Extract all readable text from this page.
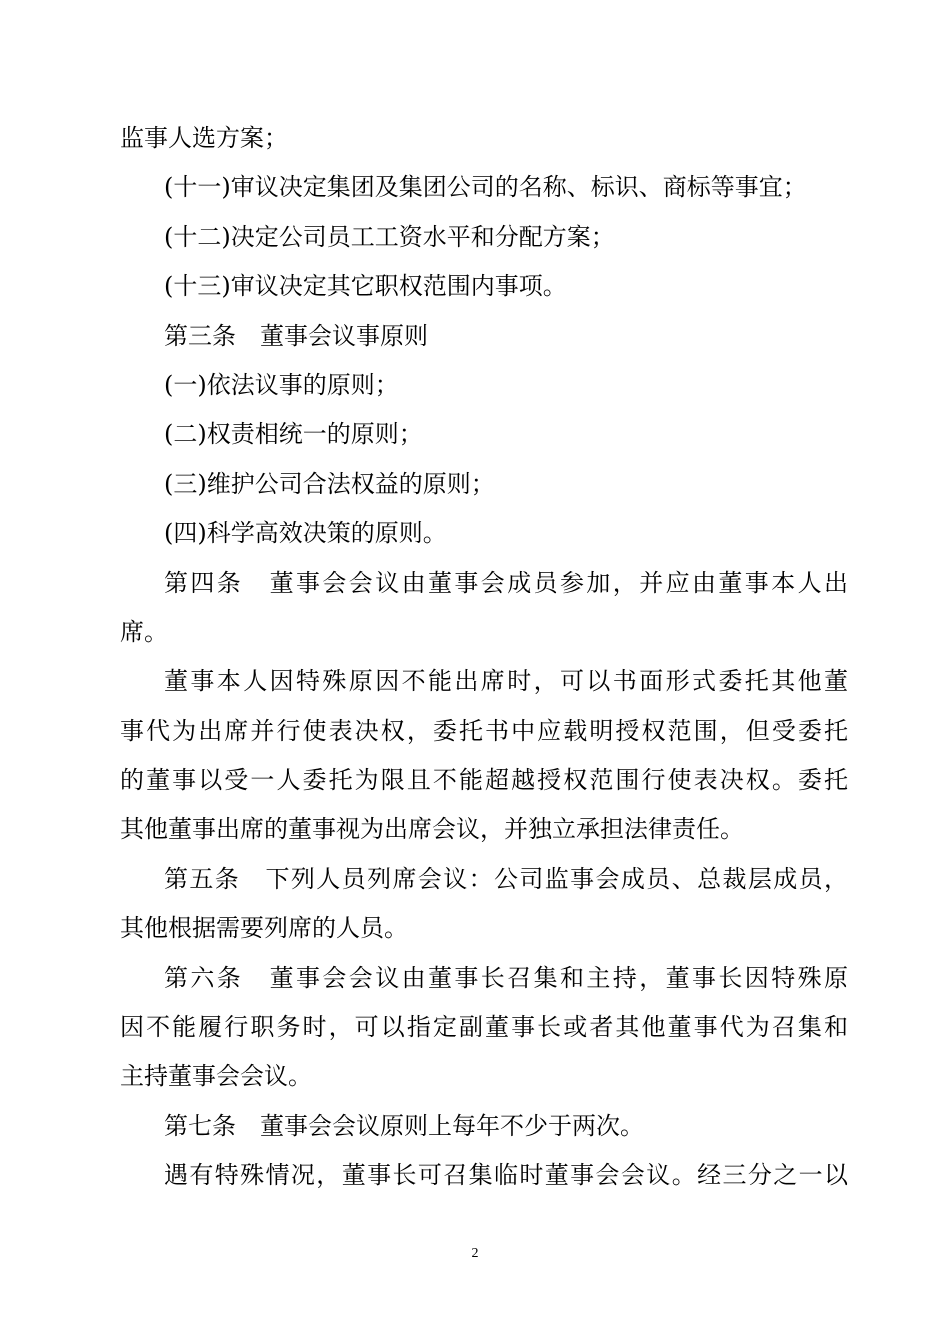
监事人选方案；
(十一)审议决定集团及集团公司的名称、标识、商标等事宜；
(十二)决定公司员工工资水平和分配方案；
(十三)审议决定其它职权范围内事项。
第三条　董事会议事原则
(一)依法议事的原则；
(二)权责相统一的原则；
(三)维护公司合法权益的原则；
(四)科学高效决策的原则。
第四条　董事会会议由董事会成员参加，并应由董事本人出
席。
董事本人因特殊原因不能出席时，可以书面形式委托其他董
事代为出席并行使表决权，委托书中应载明授权范围，但受委托
的董事以受一人委托为限且不能超越授权范围行使表决权。委托
其他董事出席的董事视为出席会议，并独立承担法律责任。
第五条　下列人员列席会议：公司监事会成员、总裁层成员，
其他根据需要列席的人员。
第六条　董事会会议由董事长召集和主持，董事长因特殊原
因不能履行职务时，可以指定副董事长或者其他董事代为召集和
主持董事会会议。
第七条　董事会会议原则上每年不少于两次。
遇有特殊情况，董事长可召集临时董事会会议。经三分之一以
2
